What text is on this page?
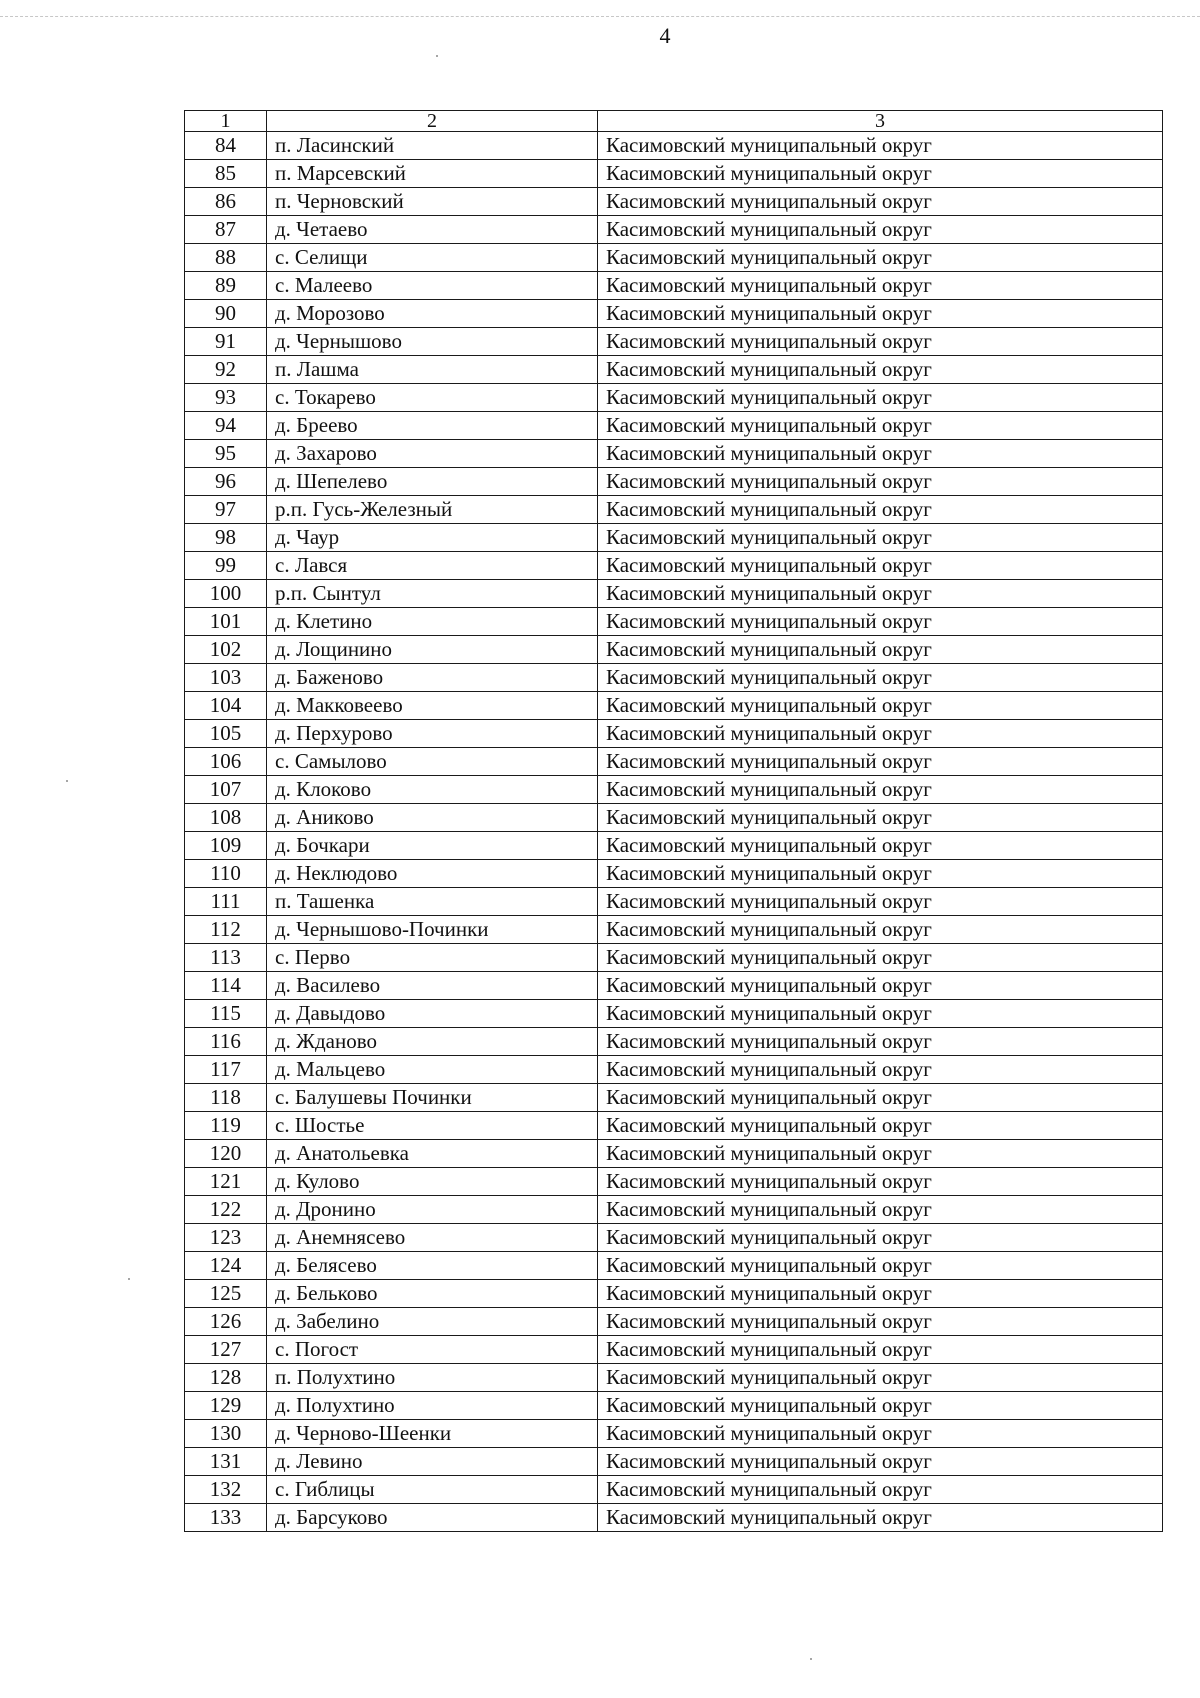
4
1	2	3
84	п. Ласинский	Касимовский муниципальный округ
85	п. Марсевский	Касимовский муниципальный округ
86	п. Черновский	Касимовский муниципальный округ
87	д. Четаево	Касимовский муниципальный округ
88	с. Селищи	Касимовский муниципальный округ
89	с. Малеево	Касимовский муниципальный округ
90	д. Морозово	Касимовский муниципальный округ
91	д. Чернышово	Касимовский муниципальный округ
92	п. Лашма	Касимовский муниципальный округ
93	с. Токарево	Касимовский муниципальный округ
94	д. Бреево	Касимовский муниципальный округ
95	д. Захарово	Касимовский муниципальный округ
96	д. Шепелево	Касимовский муниципальный округ
97	р.п. Гусь-Железный	Касимовский муниципальный округ
98	д. Чаур	Касимовский муниципальный округ
99	с. Лався	Касимовский муниципальный округ
100	р.п. Сынтул	Касимовский муниципальный округ
101	д. Клетино	Касимовский муниципальный округ
102	д. Лощинино	Касимовский муниципальный округ
103	д. Баженово	Касимовский муниципальный округ
104	д. Макковеево	Касимовский муниципальный округ
105	д. Перхурово	Касимовский муниципальный округ
106	с. Самылово	Касимовский муниципальный округ
107	д. Клоково	Касимовский муниципальный округ
108	д. Аниково	Касимовский муниципальный округ
109	д. Бочкари	Касимовский муниципальный округ
110	д. Неклюдово	Касимовский муниципальный округ
111	п. Ташенка	Касимовский муниципальный округ
112	д. Чернышово-Починки	Касимовский муниципальный округ
113	с. Перво	Касимовский муниципальный округ
114	д. Василево	Касимовский муниципальный округ
115	д. Давыдово	Касимовский муниципальный округ
116	д. Жданово	Касимовский муниципальный округ
117	д. Мальцево	Касимовский муниципальный округ
118	с. Балушевы Починки	Касимовский муниципальный округ
119	с. Шостье	Касимовский муниципальный округ
120	д. Анатольевка	Касимовский муниципальный округ
121	д. Кулово	Касимовский муниципальный округ
122	д. Дронино	Касимовский муниципальный округ
123	д. Анемнясево	Касимовский муниципальный округ
124	д. Белясево	Касимовский муниципальный округ
125	д. Бельково	Касимовский муниципальный округ
126	д. Забелино	Касимовский муниципальный округ
127	с. Погост	Касимовский муниципальный округ
128	п. Полухтино	Касимовский муниципальный округ
129	д. Полухтино	Касимовский муниципальный округ
130	д. Черново-Шеенки	Касимовский муниципальный округ
131	д. Левино	Касимовский муниципальный округ
132	с. Гиблицы	Касимовский муниципальный округ
133	д. Барсуково	Касимовский муниципальный округ
